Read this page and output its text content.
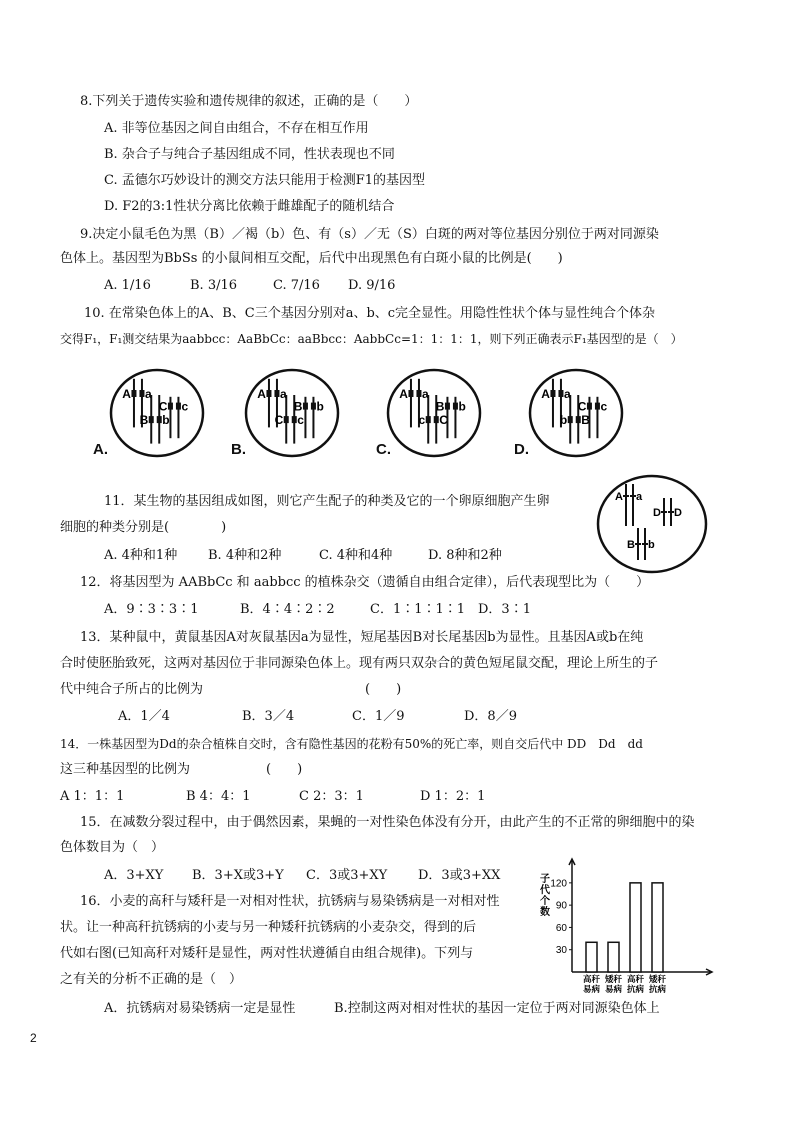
8.下列关于遗传实验和遗传规律的叙述，正确的是（　　）
A. 非等位基因之间自由组合，不存在相互作用
B. 杂合子与纯合子基因组成不同，性状表现也不同
C. 孟德尔巧妙设计的测交方法只能用于检测F1的基因型
D. F2的3:1性状分离比依赖于雌雄配子的随机结合
9.决定小鼠毛色为黑（B）／褐（b）色、有（s）／无（S）白斑的两对等位基因分别位于两对同源染
色体上。基因型为BbSs 的小鼠间相互交配，后代中出现黑色有白斑小鼠的比例是(　　)
A. 1/16	B. 3/16	C. 7/16 D. 9/16
10. 在常染色体上的A、B、C三个基因分别对a、b、c完全显性。用隐性性状个体与显性纯合个体杂
交得F₁，F₁测交结果为aabbcc：AaBbCc：aaBbcc：AabbCc=1：1：1：1，则下列正确表示F₁基因型的是（　）
A a
B b
C c
A a
C c
B b
A a
c C
B b
A a
b B
C c
A.	B.	C.	D.
11．某生物的基因组成如图，则它产生配子的种类及它的一个卵原细胞产生卵
细胞的种类分别是(　　　　)
A. 4种和1种 B. 4种和2种	C. 4种和4种	D. 8种和2种
A a
D D
B b
12．将基因型为 AABbCc 和 aabbcc 的植株杂交（遗循自由组合定律），后代表现型比为（　　）
A．9∶3∶3∶1	B．4∶4∶2∶2	C．1∶1∶1∶1 D．3∶1
13．某种鼠中，黄鼠基因A对灰鼠基因a为显性，短尾基因B对长尾基因b为显性。且基因A或b在纯
合时使胚胎致死，这两对基因位于非同源染色体上。现有两只双杂合的黄色短尾鼠交配，理论上所生的子
代中纯合子所占的比例为	(　　)
A．1／4	B．3／4	C．1／9	D．8／9
14．一株基因型为Dd的杂合植株自交时，含有隐性基因的花粉有50%的死亡率，则自交后代中 DD　Dd　dd
这三种基因型的比例为	(　　)
A 1：1：1	B 4：4：1	C 2：3：1	D 1：2：1
15．在减数分裂过程中，由于偶然因素，果蝇的一对性染色体没有分开，由此产生的不正常的卵细胞中的染
色体数目为（　）
A．3+XY B．3+X或3+Y C．3或3+XY D．3或3+XX
16．小麦的高秆与矮秆是一对相对性状，抗锈病与易染锈病是一对相对性
状。让一种高秆抗锈病的小麦与另一种矮秆抗锈病的小麦杂交，得到的后
代如右图(已知高秆对矮秆是显性，两对性状遵循自由组合规律)。下列与
之有关的分析不正确的是（　）
A．抗锈病对易染锈病一定是显性	B.控制这两对相对性状的基因一定位于两对同源染色体上
子
代
个
数
30
60
90
120
高秆
易病
矮秆
易病
高秆
抗病
矮秆
抗病
2
